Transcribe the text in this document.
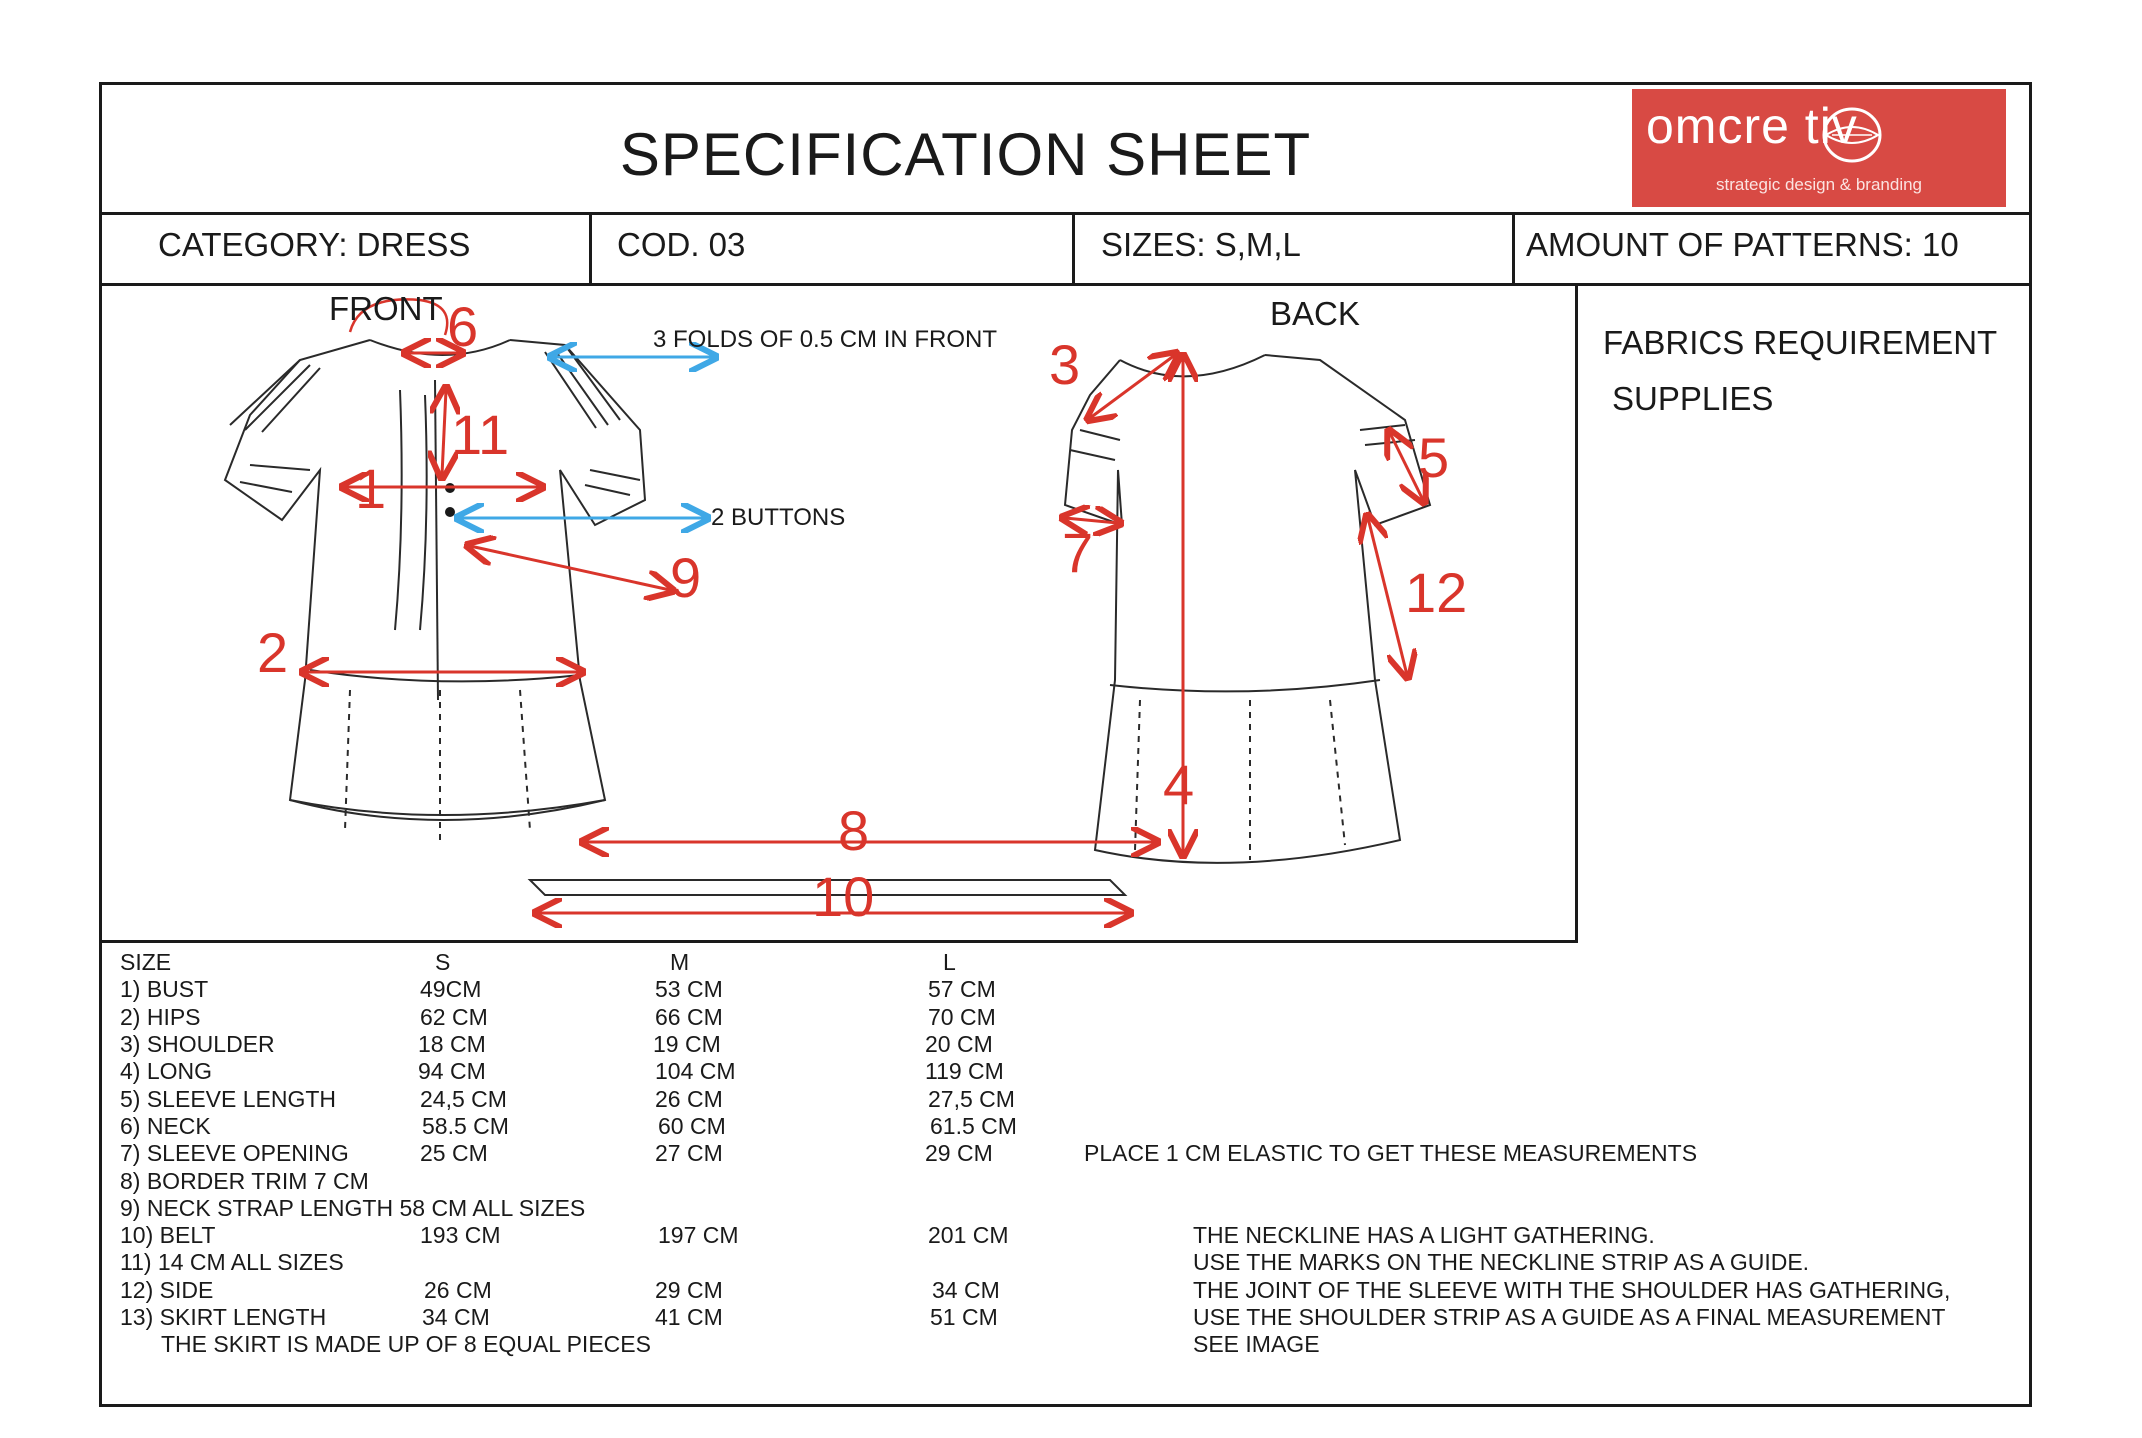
SPECIFICATION SHEET	omcre tiv
strategic design & branding
CATEGORY: DRESS	COD. 03	SIZES: S,M,L	AMOUNT OF PATTERNS: 10
FABRICS REQUIREMENT
SUPPLIES
FRONT	BACK
3 FOLDS OF 0.5 CM IN FRONT
2 BUTTONS
1
2
3
4
5
6
7
8
9
10
11
12
SIZE	S	M	L
1) BUST	49CM	53 CM	57 CM
2) HIPS	62 CM	66 CM	70 CM
3) SHOULDER	18 CM	19 CM	20 CM
4) LONG	94 CM	104 CM	119 CM
5) SLEEVE LENGTH	24,5 CM	26 CM	27,5 CM
6) NECK	58.5 CM	60 CM	61.5 CM
7) SLEEVE OPENING	25 CM	27 CM	29 CM
8) BORDER TRIM 7 CM
9) NECK STRAP LENGTH 58 CM ALL SIZES
10) BELT	193 CM	197 CM	201 CM
11) 14 CM ALL SIZES
12) SIDE	26 CM	29 CM	34 CM
13) SKIRT LENGTH	34 CM	41 CM	51 CM
THE SKIRT IS MADE UP OF 8 EQUAL PIECES
PLACE 1 CM ELASTIC TO GET THESE MEASUREMENTS
THE NECKLINE HAS A LIGHT GATHERING.
USE THE MARKS ON THE NECKLINE STRIP AS A GUIDE.
THE JOINT OF THE SLEEVE WITH THE SHOULDER HAS GATHERING,
USE THE SHOULDER STRIP AS A GUIDE AS A FINAL MEASUREMENT
SEE IMAGE
